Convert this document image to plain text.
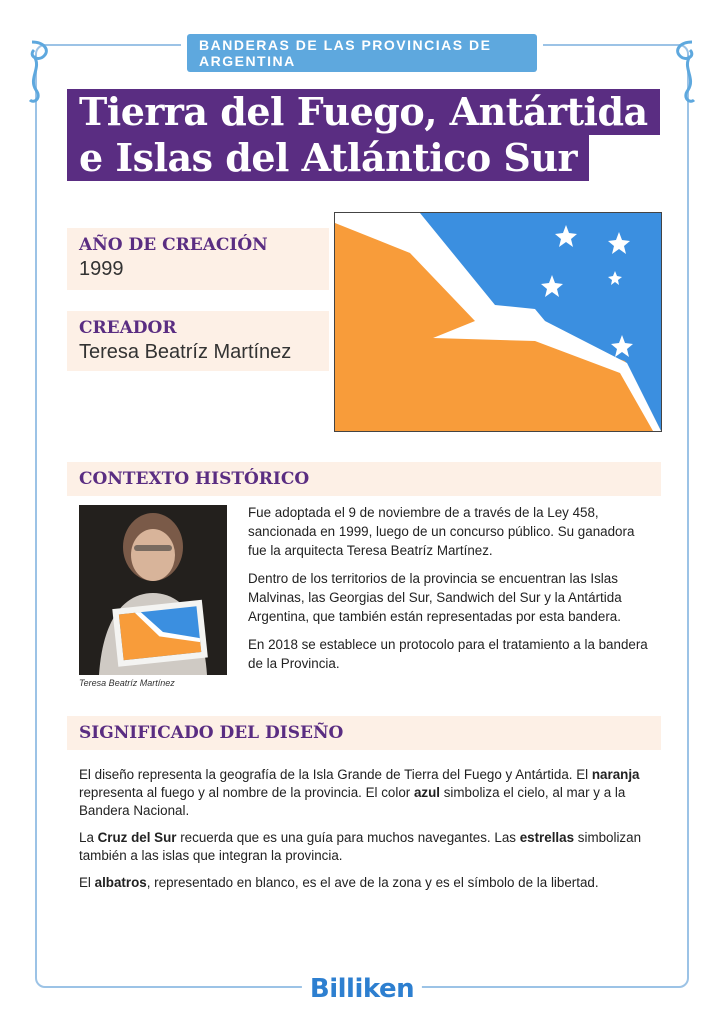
BANDERAS DE LAS PROVINCIAS DE ARGENTINA
Tierra del Fuego, Antártida
e Islas del Atlántico Sur
AÑO DE CREACIÓN
1999
CREADOR
Teresa Beatríz Martínez
CONTEXTO HISTÓRICO
Teresa Beatríz Martínez

Fue adoptada el 9 de noviembre de a través de la Ley 458, sancionada en 1999, luego de un concurso público. Su ganadora fue la arquitecta Teresa Beatríz Martínez.

Dentro de los territorios de la provincia se encuentran las Islas Malvinas, las Georgias del Sur, Sandwich del Sur y la Antártida Argentina, que también están representadas por esta bandera.

En 2018 se establece un protocolo para el tratamiento a la bandera de la Provincia.

SIGNIFICADO DEL DISEÑO

El diseño representa la geografía de la Isla Grande de Tierra del Fuego y Antártida. El naranja representa al fuego y al nombre de la provincia. El color azul simboliza el cielo, al mar y a la Bandera Nacional.

La Cruz del Sur recuerda que es una guía para muchos navegantes. Las estrellas simbolizan también a las islas que integran la provincia.

El albatros, representado en blanco, es el ave de la zona y es el símbolo de la libertad.

Billiken
